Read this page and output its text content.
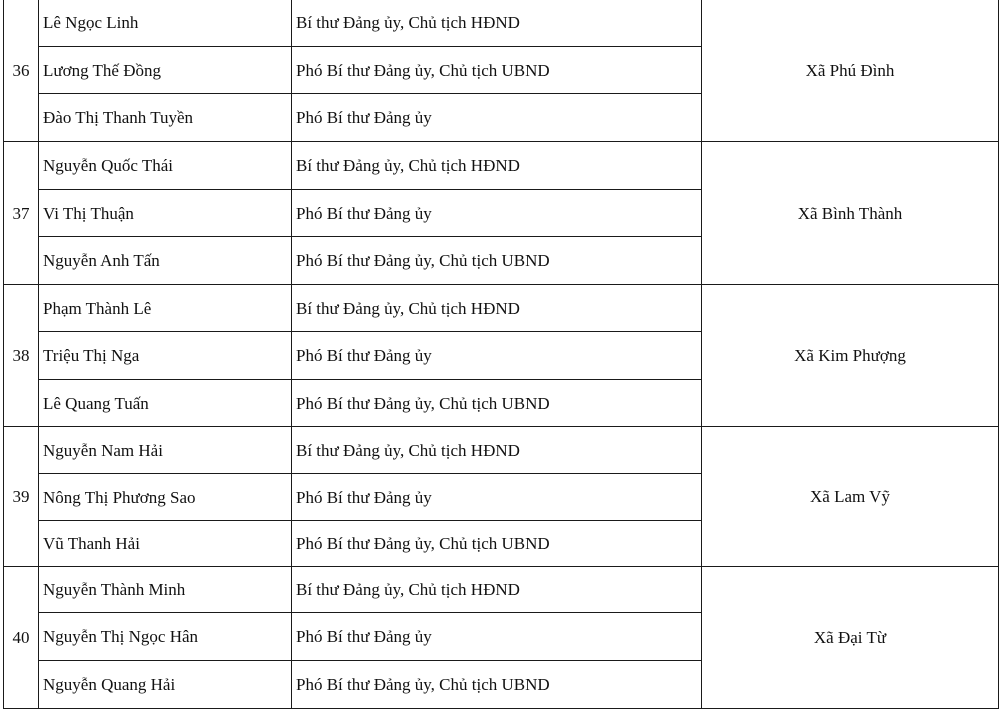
36	Lê Ngọc Linh	Bí thư Đảng ủy, Chủ tịch HĐND	Xã Phú Đình
	Lương Thế Đồng	Phó Bí thư Đảng ủy, Chủ tịch UBND	
	Đào Thị Thanh Tuyền	Phó Bí thư Đảng ủy	
37	Nguyễn Quốc Thái	Bí thư Đảng ủy, Chủ tịch HĐND	Xã Bình Thành
	Vi Thị Thuận	Phó Bí thư Đảng ủy	
	Nguyễn Anh Tấn	Phó Bí thư Đảng ủy, Chủ tịch UBND	
38	Phạm Thành Lê	Bí thư Đảng ủy, Chủ tịch HĐND	Xã Kim Phượng
	Triệu Thị Nga	Phó Bí thư Đảng ủy	
	Lê Quang Tuấn	Phó Bí thư Đảng ủy, Chủ tịch UBND	
39	Nguyễn Nam Hải	Bí thư Đảng ủy, Chủ tịch HĐND	Xã Lam Vỹ
	Nông Thị Phương Sao	Phó Bí thư Đảng ủy	
	Vũ Thanh Hải	Phó Bí thư Đảng ủy, Chủ tịch UBND	
40	Nguyễn Thành Minh	Bí thư Đảng ủy, Chủ tịch HĐND	Xã Đại Từ
	Nguyễn Thị Ngọc Hân	Phó Bí thư Đảng ủy	
	Nguyễn Quang Hải	Phó Bí thư Đảng ủy, Chủ tịch UBND	
